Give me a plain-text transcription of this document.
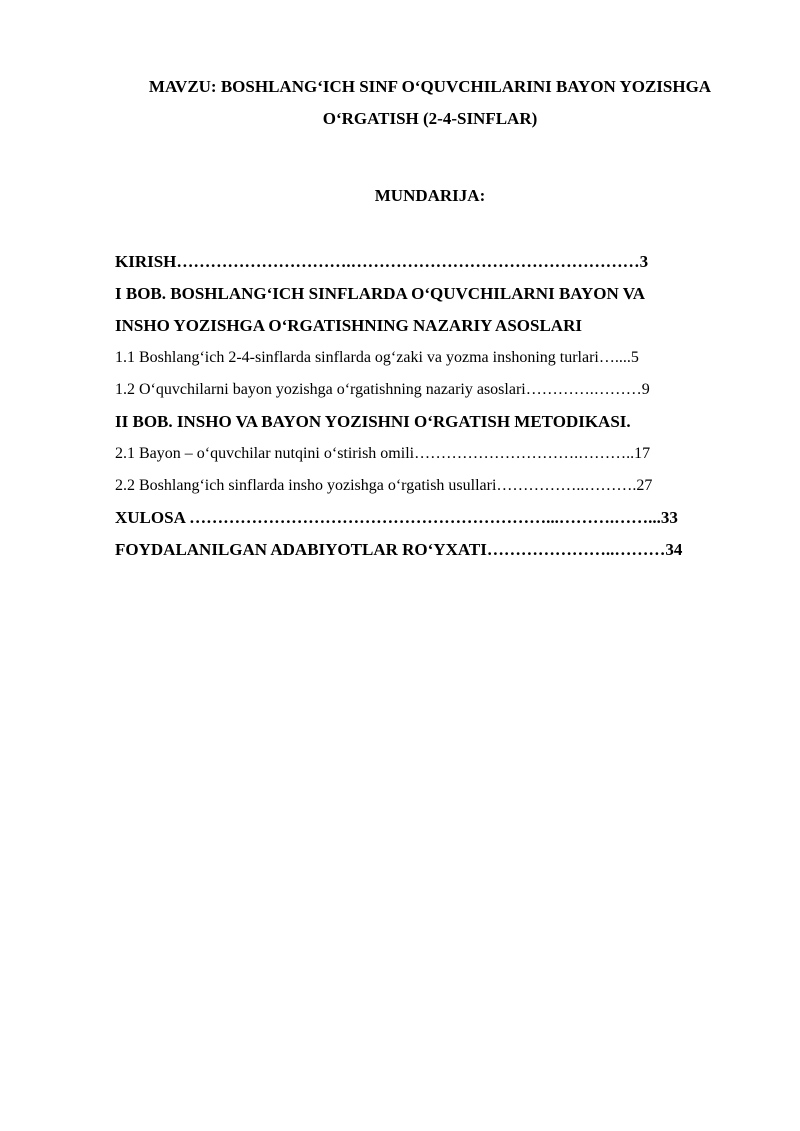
MAVZU: BOSHLANG‘ICH SINF O‘QUVCHILARINI BAYON YOZISHGA
O‘RGATISH (2-4-SINFLAR)
MUNDARIJA:
KIRISH………………………….……………………………………………3
I BOB. BOSHLANG‘ICH SINFLARDA O‘QUVCHILARNI BAYON VA
INSHO YOZISHGA O‘RGATISHNING NAZARIY ASOSLARI
1.1 Boshlang‘ich 2-4-sinflarda sinflarda og‘zaki va yozma inshoning turlari…....5
1.2 O‘quvchilarni bayon yozishga o‘rgatishning nazariy asoslari………….………9
II BOB. INSHO VA BAYON YOZISHNI O‘RGATISH METODIKASI.
2.1 Bayon – o‘quvchilar nutqini o‘stirish omili………………………….………..17
2.2 Boshlang‘ich sinflarda insho yozishga o‘rgatish usullari……………..……….27
XULOSA ………………………………………………………...……….……...33
FOYDALANILGAN ADABIYOTLAR RO‘YXATI…………………..………34
